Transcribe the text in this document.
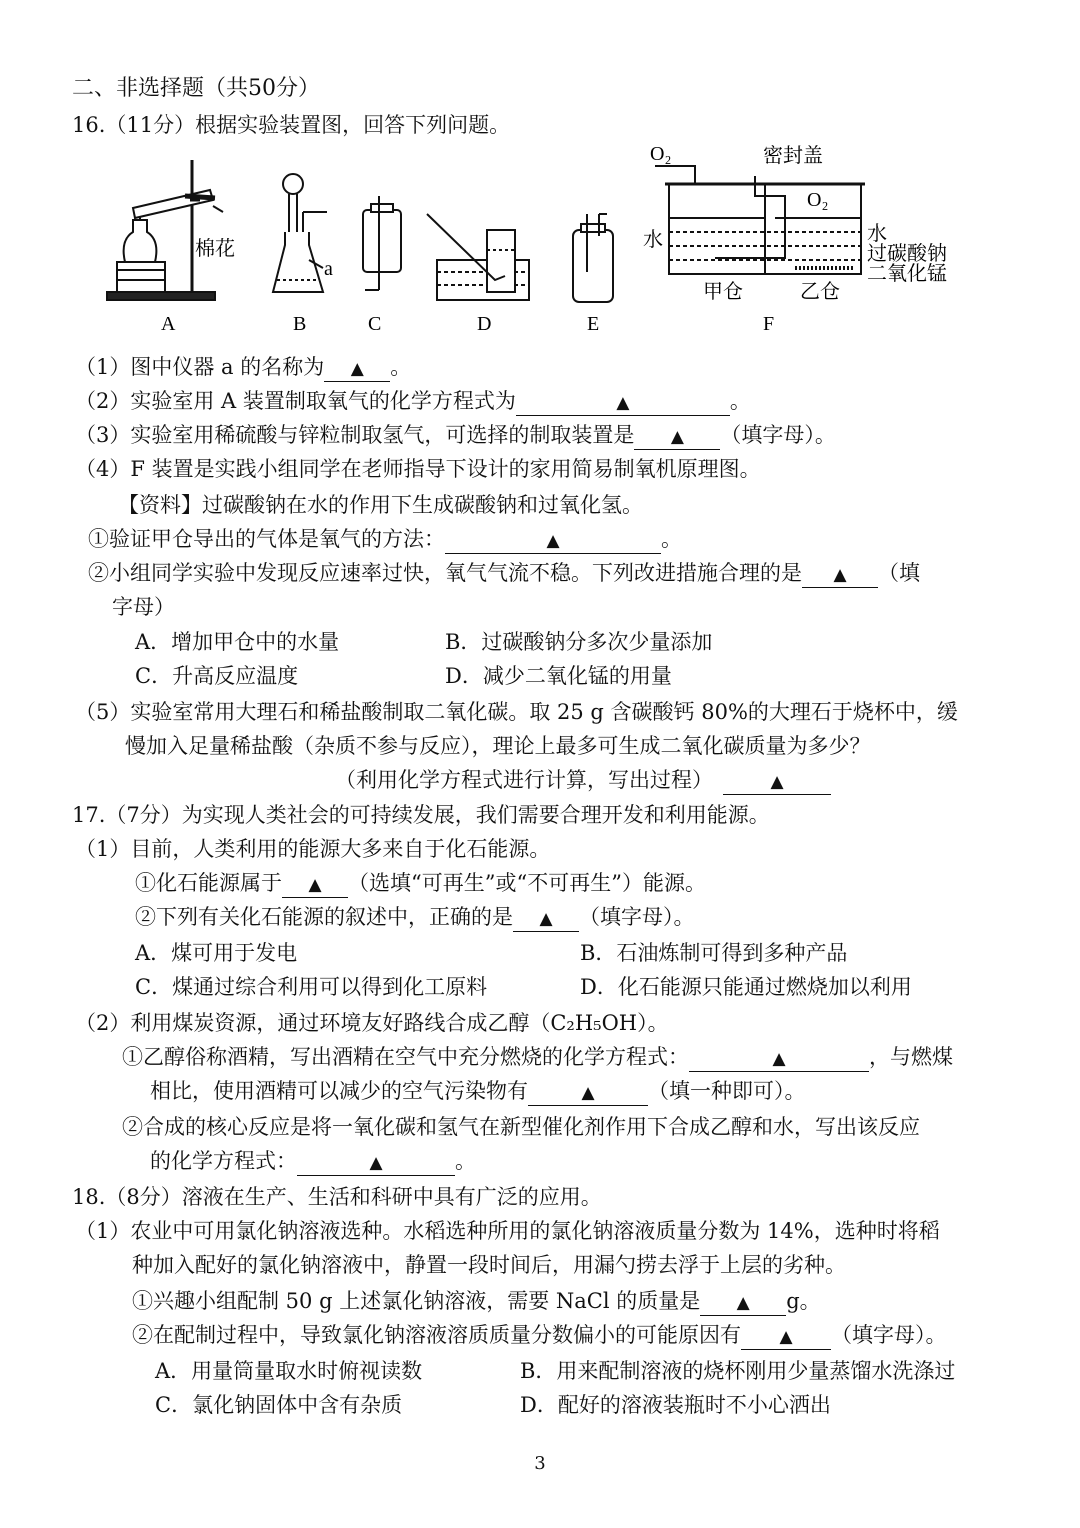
二、非选择题（共50分）
16.（11分）根据实验装置图，回答下列问题。
a
O₂	密封盖
O₂
水	水
过碳酸钠
二氧化锰
甲仓	乙仓
棉花
A	B	C	D	E	F
（1）图中仪器 a 的名称为 ▲ 。
（2）实验室用 A 装置制取氧气的化学方程式为	▲	。
（3）实验室用稀硫酸与锌粒制取氢气，可选择的制取装置是 ▲ （填字母）。
（4）F 装置是实践小组同学在老师指导下设计的家用简易制氧机原理图。
【资料】过碳酸钠在水的作用下生成碳酸钠和过氧化氢。
①验证甲仓导出的气体是氧气的方法：	▲	。
②小组同学实验中发现反应速率过快，氧气气流不稳。下列改进措施合理的是 ▲ （填
字母）
A．增加甲仓中的水量	B．过碳酸钠分多次少量添加
C．升高反应温度	D．减少二氧化锰的用量
（5）实验室常用大理石和稀盐酸制取二氧化碳。取 25 g 含碳酸钙 80%的大理石于烧杯中，缓
慢加入足量稀盐酸（杂质不参与反应），理论上最多可生成二氧化碳质量为多少？
（利用化学方程式进行计算，写出过程）	▲
17.（7分）为实现人类社会的可持续发展，我们需要合理开发和利用能源。
（1）目前，人类利用的能源大多来自于化石能源。
①化石能源属于 ▲ （选填“可再生”或“不可再生”）能源。
②下列有关化石能源的叙述中，正确的是 ▲ （填字母）。
A．煤可用于发电	B．石油炼制可得到多种产品
C．煤通过综合利用可以得到化工原料	D．化石能源只能通过燃烧加以利用
（2）利用煤炭资源，通过环境友好路线合成乙醇（C₂H₅OH）。
①乙醇俗称酒精，写出酒精在空气中充分燃烧的化学方程式：	▲	，与燃煤
相比，使用酒精可以减少的空气污染物有	▲	（填一种即可）。
②合成的核心反应是将一氧化碳和氢气在新型催化剂作用下合成乙醇和水，写出该反应
的化学方程式：	▲	。
18.（8分）溶液在生产、生活和科研中具有广泛的应用。
（1）农业中可用氯化钠溶液选种。水稻选种所用的氯化钠溶液质量分数为 14%，选种时将稻
种加入配好的氯化钠溶液中，静置一段时间后，用漏勺捞去浮于上层的劣种。
①兴趣小组配制 50 g 上述氯化钠溶液，需要 NaCl 的质量是 ▲ g。
②在配制过程中，导致氯化钠溶液溶质质量分数偏小的可能原因有 ▲ （填字母）。
A．用量筒量取水时俯视读数	B．用来配制溶液的烧杯刚用少量蒸馏水洗涤过
C．氯化钠固体中含有杂质	D．配好的溶液装瓶时不小心洒出
3
